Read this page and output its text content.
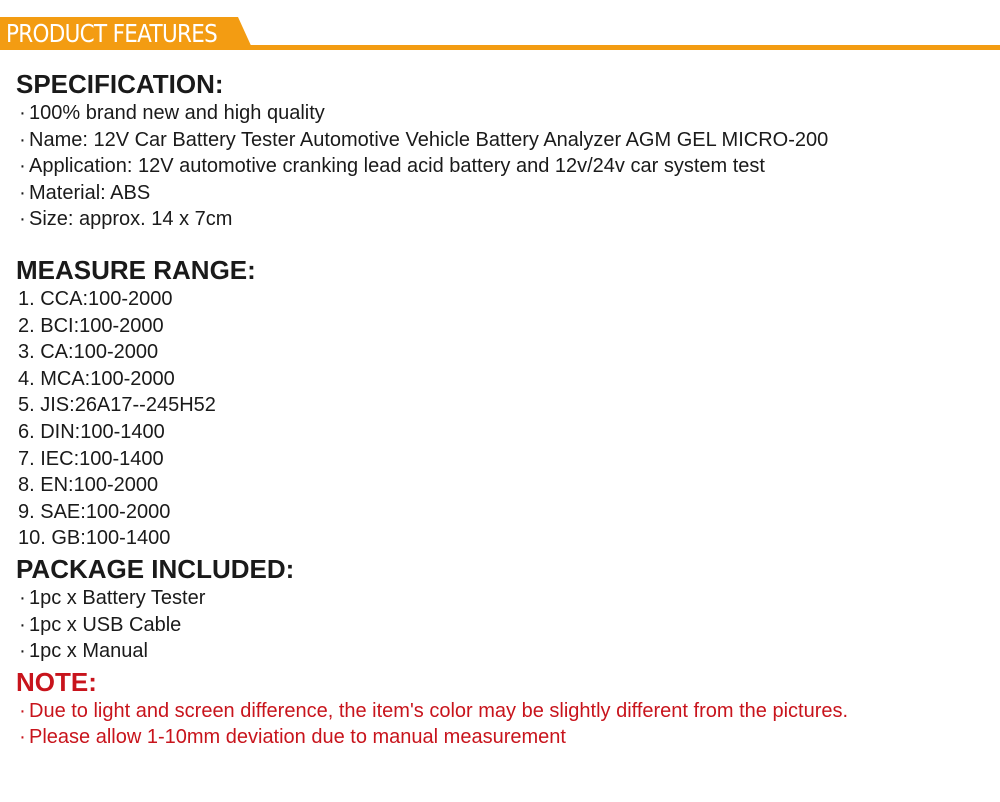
PRODUCT FEATURES
SPECIFICATION:
· 100% brand new and high quality
· Name: 12V Car Battery Tester Automotive Vehicle Battery Analyzer AGM GEL MICRO-200
· Application: 12V automotive cranking lead acid battery and 12v/24v car system test
· Material: ABS
· Size: approx. 14 x 7cm
MEASURE RANGE:
1. CCA:100-2000
2. BCI:100-2000
3. CA:100-2000
4. MCA:100-2000
5. JIS:26A17--245H52
6. DIN:100-1400
7. IEC:100-1400
8. EN:100-2000
9. SAE:100-2000
10. GB:100-1400
PACKAGE INCLUDED:
· 1pc x Battery Tester
· 1pc x USB Cable
· 1pc x Manual
NOTE:
· Due to light and screen difference, the item's color may be slightly different from the pictures.
· Please allow 1-10mm deviation due to manual measurement
